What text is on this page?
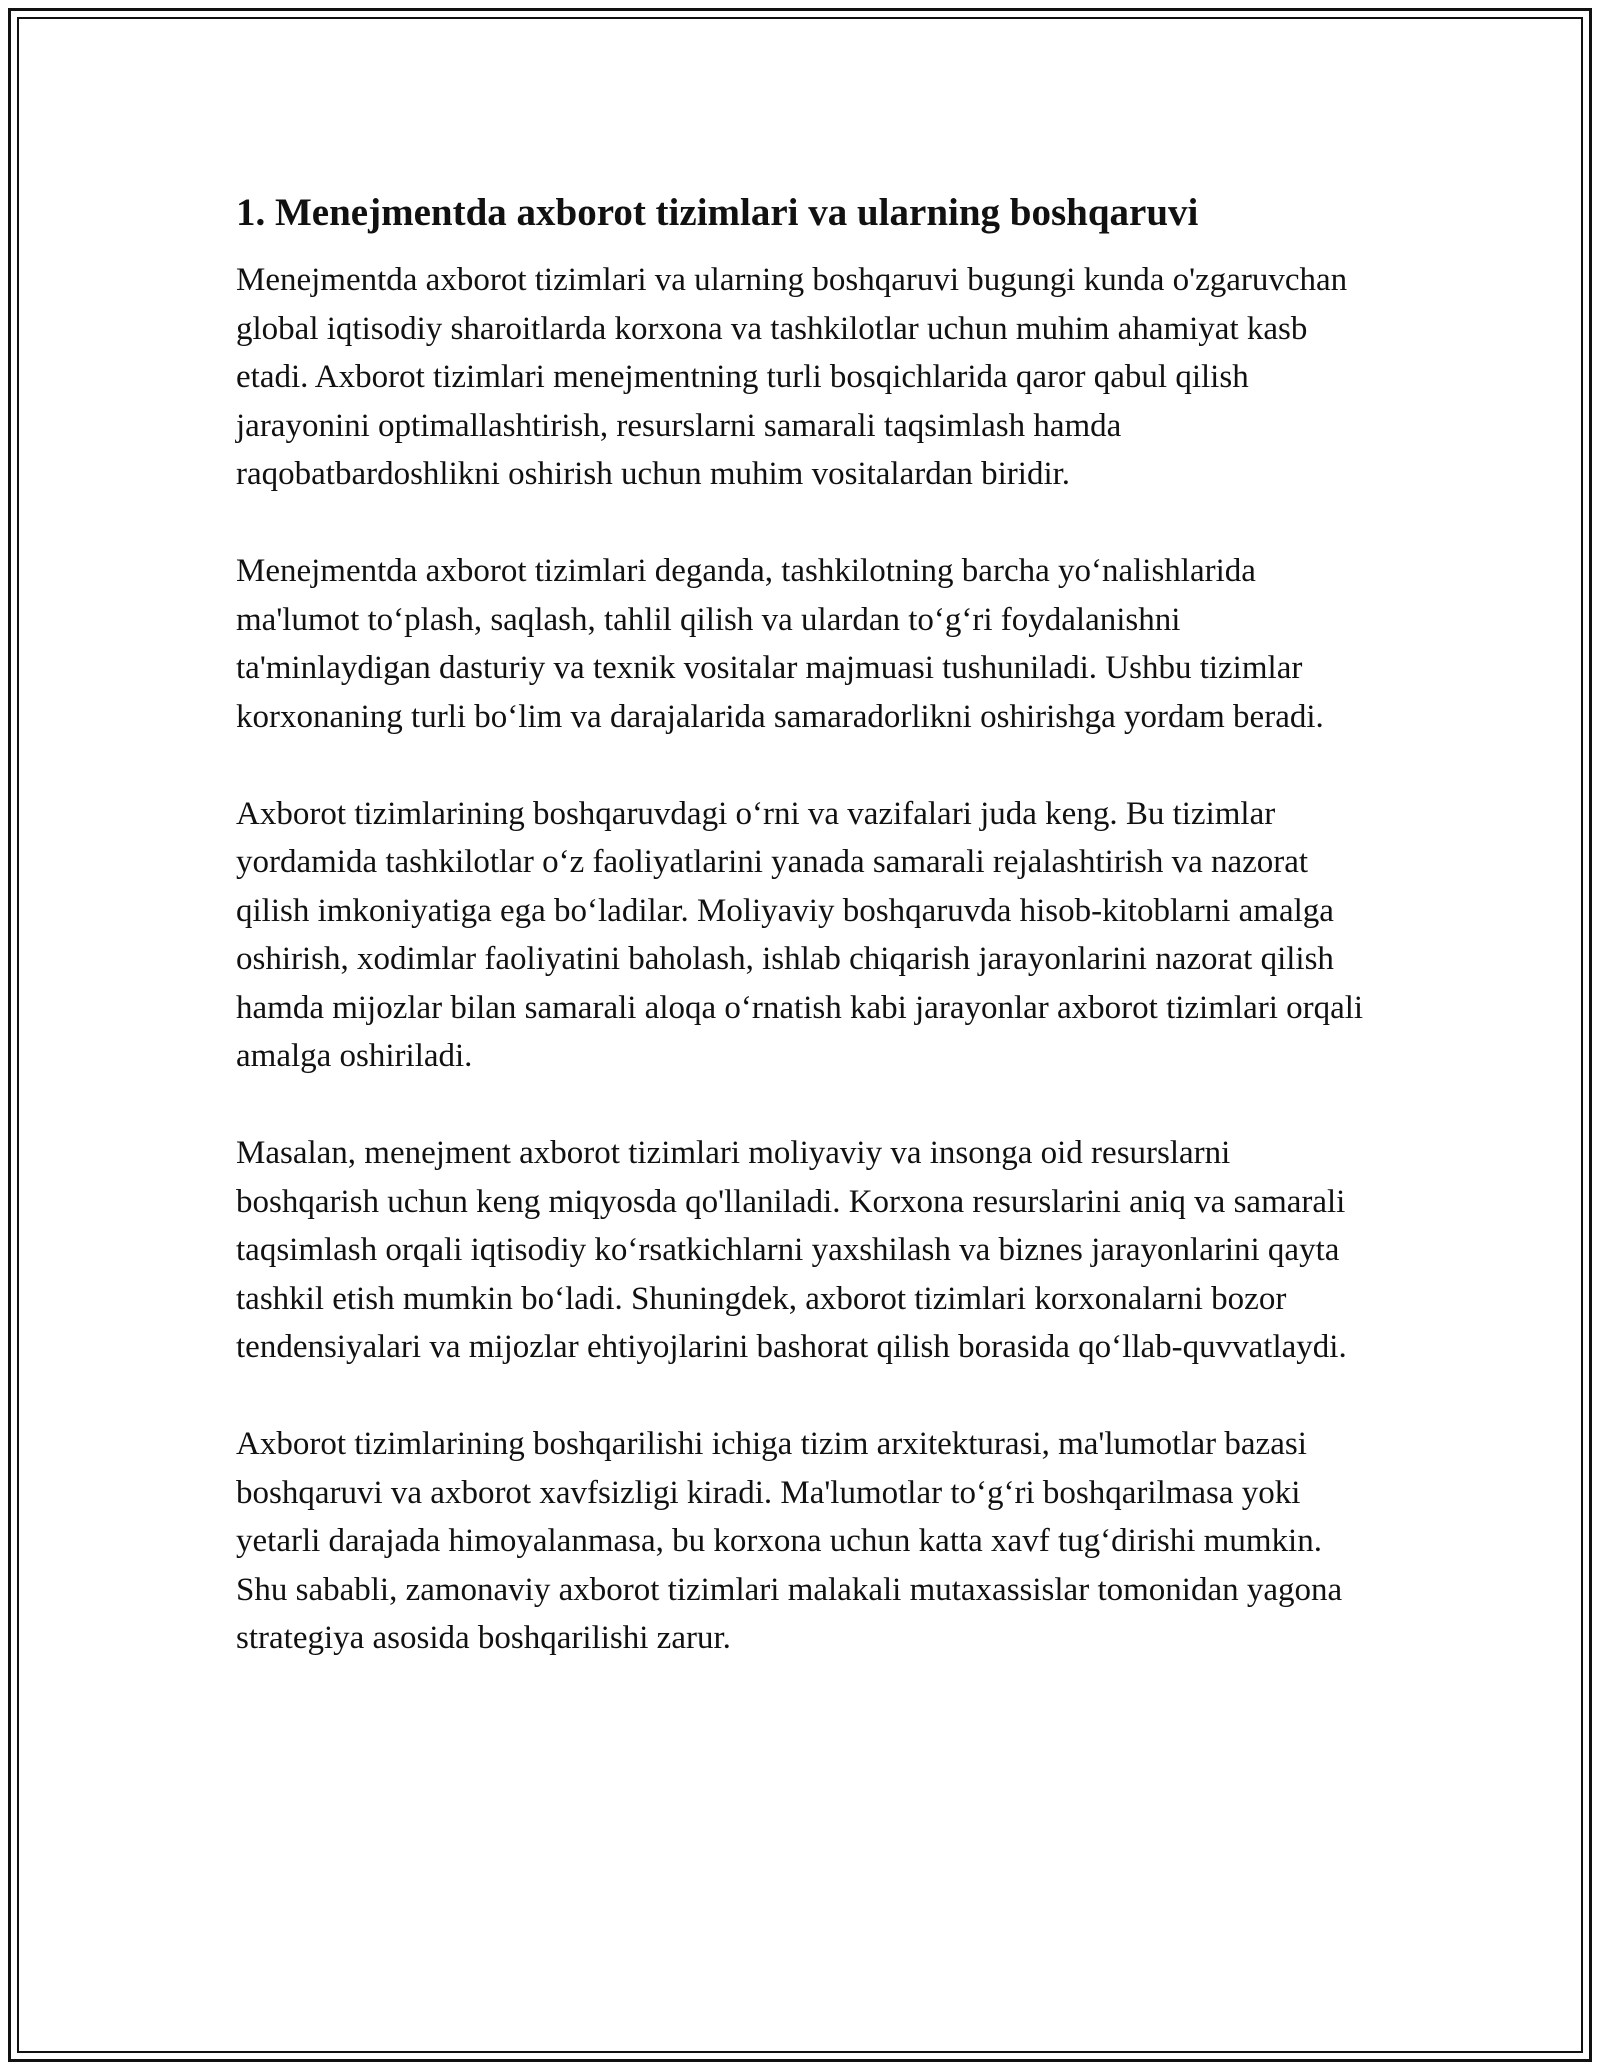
1. Menejmentda axborot tizimlari va ularning boshqaruvi

Menejmentda axborot tizimlari va ularning boshqaruvi bugungi kunda o'zgaruvchan global iqtisodiy sharoitlarda korxona va tashkilotlar uchun muhim ahamiyat kasb etadi. Axborot tizimlari menejmentning turli bosqichlarida qaror qabul qilish jarayonini optimallashtirish, resurslarni samarali taqsimlash hamda raqobatbardoshlikni oshirish uchun muhim vositalardan biridir.

Menejmentda axborot tizimlari deganda, tashkilotning barcha yo‘nalishlarida ma'lumot to‘plash, saqlash, tahlil qilish va ulardan to‘g‘ri foydalanishni ta'minlaydigan dasturiy va texnik vositalar majmuasi tushuniladi. Ushbu tizimlar korxonaning turli bo‘lim va darajalarida samaradorlikni oshirishga yordam beradi.

Axborot tizimlarining boshqaruvdagi o‘rni va vazifalari juda keng. Bu tizimlar yordamida tashkilotlar o‘z faoliyatlarini yanada samarali rejalashtirish va nazorat qilish imkoniyatiga ega bo‘ladilar. Moliyaviy boshqaruvda hisob-kitoblarni amalga oshirish, xodimlar faoliyatini baholash, ishlab chiqarish jarayonlarini nazorat qilish hamda mijozlar bilan samarali aloqa o‘rnatish kabi jarayonlar axborot tizimlari orqali amalga oshiriladi.

Masalan, menejment axborot tizimlari moliyaviy va insonga oid resurslarni boshqarish uchun keng miqyosda qo'llaniladi. Korxona resurslarini aniq va samarali taqsimlash orqali iqtisodiy ko‘rsatkichlarni yaxshilash va biznes jarayonlarini qayta tashkil etish mumkin bo‘ladi. Shuningdek, axborot tizimlari korxonalarni bozor tendensiyalari va mijozlar ehtiyojlarini bashorat qilish borasida qo‘llab-quvvatlaydi.

Axborot tizimlarining boshqarilishi ichiga tizim arxitekturasi, ma'lumotlar bazasi boshqaruvi va axborot xavfsizligi kiradi. Ma'lumotlar to‘g‘ri boshqarilmasa yoki yetarli darajada himoyalanmasa, bu korxona uchun katta xavf tug‘dirishi mumkin. Shu sababli, zamonaviy axborot tizimlari malakali mutaxassislar tomonidan yagona strategiya asosida boshqarilishi zarur.
